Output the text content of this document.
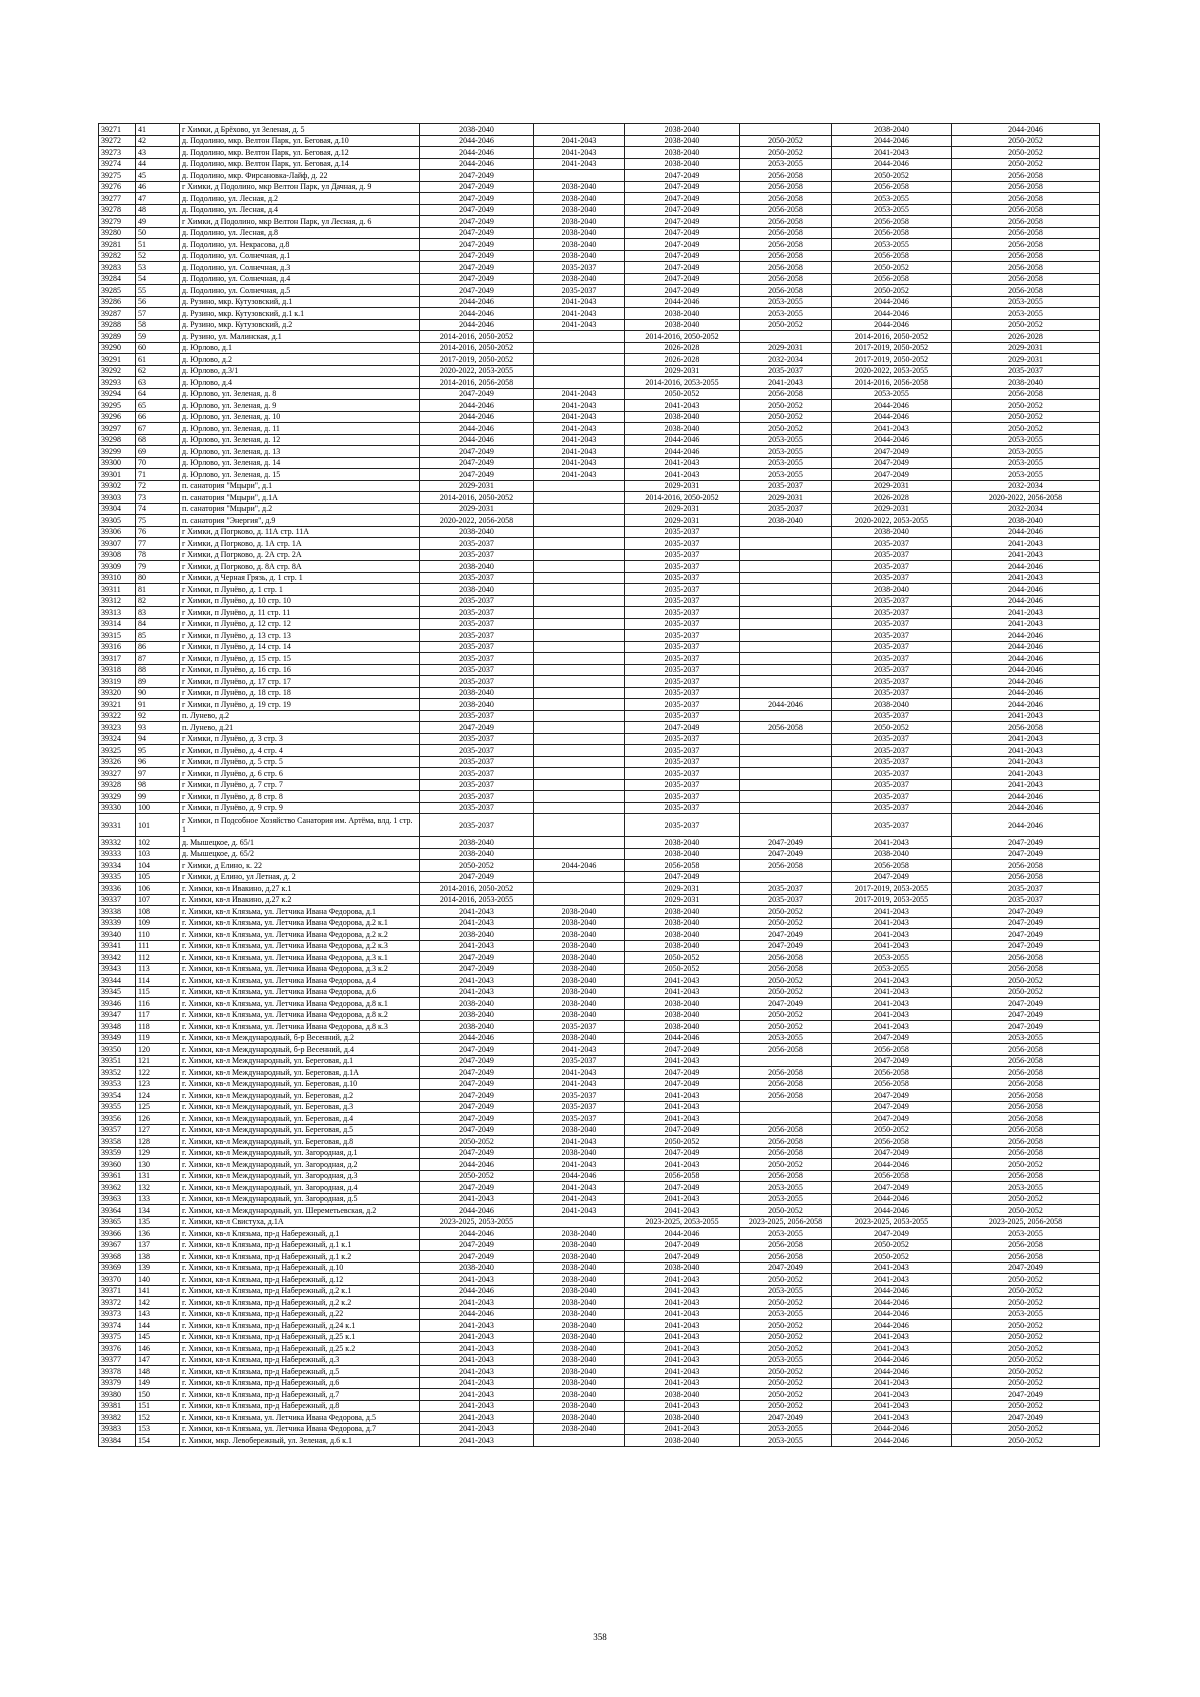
39271	41	г Химки, д Брёхово, ул Зеленая, д. 5	2038-2040		2038-2040		2038-2040	2044-2046
39272	42	д. Подолино, мкр. Велтон Парк, ул. Беговая, д.10	2044-2046	2041-2043	2038-2040	2050-2052	2044-2046	2050-2052
39273	43	д. Подолино, мкр. Велтон Парк, ул. Беговая, д.12	2044-2046	2041-2043	2038-2040	2050-2052	2041-2043	2050-2052
39274	44	д. Подолино, мкр. Велтон Парк, ул. Беговая, д.14	2044-2046	2041-2043	2038-2040	2053-2055	2044-2046	2050-2052
39275	45	д. Подолино, мкр. Фирсановка-Лайф, д. 22	2047-2049		2047-2049	2056-2058	2050-2052	2056-2058
39276	46	г Химки, д Подолино, мкр Велтон Парк, ул Дачная, д. 9	2047-2049	2038-2040	2047-2049	2056-2058	2056-2058	2056-2058
39277	47	д. Подолино, ул. Лесная, д.2	2047-2049	2038-2040	2047-2049	2056-2058	2053-2055	2056-2058
39278	48	д. Подолино, ул. Лесная, д.4	2047-2049	2038-2040	2047-2049	2056-2058	2053-2055	2056-2058
39279	49	г Химки, д Подолино, мкр Велтон Парк, ул Лесная, д. 6	2047-2049	2038-2040	2047-2049	2056-2058	2056-2058	2056-2058
39280	50	д. Подолино, ул. Лесная, д.8	2047-2049	2038-2040	2047-2049	2056-2058	2056-2058	2056-2058
39281	51	д. Подолино, ул. Некрасова, д.8	2047-2049	2038-2040	2047-2049	2056-2058	2053-2055	2056-2058
39282	52	д. Подолино, ул. Солнечная, д.1	2047-2049	2038-2040	2047-2049	2056-2058	2056-2058	2056-2058
39283	53	д. Подолино, ул. Солнечная, д.3	2047-2049	2035-2037	2047-2049	2056-2058	2050-2052	2056-2058
39284	54	д. Подолино, ул. Солнечная, д.4	2047-2049	2038-2040	2047-2049	2056-2058	2056-2058	2056-2058
39285	55	д. Подолино, ул. Солнечная, д.5	2047-2049	2035-2037	2047-2049	2056-2058	2050-2052	2056-2058
39286	56	д. Рузино, мкр. Кутузовский, д.1	2044-2046	2041-2043	2044-2046	2053-2055	2044-2046	2053-2055
39287	57	д. Рузино, мкр. Кутузовский, д.1 к.1	2044-2046	2041-2043	2038-2040	2053-2055	2044-2046	2053-2055
39288	58	д. Рузино, мкр. Кутузовский, д.2	2044-2046	2041-2043	2038-2040	2050-2052	2044-2046	2050-2052
39289	59	д. Рузино, ул. Малинская, д.1	2014-2016, 2050-2052		2014-2016, 2050-2052		2014-2016, 2050-2052	2026-2028
39290	60	д. Юрлово, д.1	2014-2016, 2050-2052		2026-2028	2029-2031	2017-2019, 2050-2052	2029-2031
39291	61	д. Юрлово, д.2	2017-2019, 2050-2052		2026-2028	2032-2034	2017-2019, 2050-2052	2029-2031
39292	62	д. Юрлово, д.3/1	2020-2022, 2053-2055		2029-2031	2035-2037	2020-2022, 2053-2055	2035-2037
39293	63	д. Юрлово, д.4	2014-2016, 2056-2058		2014-2016, 2053-2055	2041-2043	2014-2016, 2056-2058	2038-2040
39294	64	д. Юрлово, ул. Зеленая, д. 8	2047-2049	2041-2043	2050-2052	2056-2058	2053-2055	2056-2058
39295	65	д. Юрлово, ул. Зеленая, д. 9	2044-2046	2041-2043	2041-2043	2050-2052	2044-2046	2050-2052
39296	66	д. Юрлово, ул. Зеленая, д. 10	2044-2046	2041-2043	2038-2040	2050-2052	2044-2046	2050-2052
39297	67	д. Юрлово, ул. Зеленая, д. 11	2044-2046	2041-2043	2038-2040	2050-2052	2041-2043	2050-2052
39298	68	д. Юрлово, ул. Зеленая, д. 12	2044-2046	2041-2043	2044-2046	2053-2055	2044-2046	2053-2055
39299	69	д. Юрлово, ул. Зеленая, д. 13	2047-2049	2041-2043	2044-2046	2053-2055	2047-2049	2053-2055
39300	70	д. Юрлово, ул. Зеленая, д. 14	2047-2049	2041-2043	2041-2043	2053-2055	2047-2049	2053-2055
39301	71	д. Юрлово, ул. Зеленая, д. 15	2047-2049	2041-2043	2041-2043	2053-2055	2047-2049	2053-2055
39302	72	п. санатория "Мцыри", д.1	2029-2031		2029-2031	2035-2037	2029-2031	2032-2034
39303	73	п. санатория "Мцыри", д.1А	2014-2016, 2050-2052		2014-2016, 2050-2052	2029-2031	2026-2028	2020-2022, 2056-2058
39304	74	п. санатория "Мцыри", д.2	2029-2031		2029-2031	2035-2037	2029-2031	2032-2034
39305	75	п. санатория "Энергия", д.9	2020-2022, 2056-2058		2029-2031	2038-2040	2020-2022, 2053-2055	2038-2040
39306	76	г Химки, д Погрково, д. 11А стр. 11А	2038-2040		2035-2037		2038-2040	2044-2046
39307	77	г Химки, д Погрково, д. 1А стр. 1А	2035-2037		2035-2037		2035-2037	2041-2043
39308	78	г Химки, д Погрково, д. 2А стр. 2А	2035-2037		2035-2037		2035-2037	2041-2043
39309	79	г Химки, д Погрково, д. 8А стр. 8А	2038-2040		2035-2037		2035-2037	2044-2046
39310	80	г Химки, д Черная Грязь, д. 1 стр. 1	2035-2037		2035-2037		2035-2037	2041-2043
39311	81	г Химки, п Лунёво, д. 1 стр. 1	2038-2040		2035-2037		2038-2040	2044-2046
39312	82	г Химки, п Лунёво, д. 10 стр. 10	2035-2037		2035-2037		2035-2037	2044-2046
39313	83	г Химки, п Лунёво, д. 11 стр. 11	2035-2037		2035-2037		2035-2037	2041-2043
39314	84	г Химки, п Лунёво, д. 12 стр. 12	2035-2037		2035-2037		2035-2037	2041-2043
39315	85	г Химки, п Лунёво, д. 13 стр. 13	2035-2037		2035-2037		2035-2037	2044-2046
39316	86	г Химки, п Лунёво, д. 14 стр. 14	2035-2037		2035-2037		2035-2037	2044-2046
39317	87	г Химки, п Лунёво, д. 15 стр. 15	2035-2037		2035-2037		2035-2037	2044-2046
39318	88	г Химки, п Лунёво, д. 16 стр. 16	2035-2037		2035-2037		2035-2037	2044-2046
39319	89	г Химки, п Лунёво, д. 17 стр. 17	2035-2037		2035-2037		2035-2037	2044-2046
39320	90	г Химки, п Лунёво, д. 18 стр. 18	2038-2040		2035-2037		2035-2037	2044-2046
39321	91	г Химки, п Лунёво, д. 19 стр. 19	2038-2040		2035-2037	2044-2046	2038-2040	2044-2046
39322	92	п. Лунево, д.2	2035-2037		2035-2037		2035-2037	2041-2043
39323	93	п. Лунево, д.21	2047-2049		2047-2049	2056-2058	2050-2052	2056-2058
39324	94	г Химки, п Лунёво, д. 3 стр. 3	2035-2037		2035-2037		2035-2037	2041-2043
39325	95	г Химки, п Лунёво, д. 4 стр. 4	2035-2037		2035-2037		2035-2037	2041-2043
39326	96	г Химки, п Лунёво, д. 5 стр. 5	2035-2037		2035-2037		2035-2037	2041-2043
39327	97	г Химки, п Лунёво, д. 6 стр. 6	2035-2037		2035-2037		2035-2037	2041-2043
39328	98	г Химки, п Лунёво, д. 7 стр. 7	2035-2037		2035-2037		2035-2037	2041-2043
39329	99	г Химки, п Лунёво, д. 8 стр. 8	2035-2037		2035-2037		2035-2037	2044-2046
39330	100	г Химки, п Лунёво, д. 9 стр. 9	2035-2037		2035-2037		2035-2037	2044-2046
39331	101	г Химки, п Подсобное Хозяйство Санатория им. Артёма, влд. 1 стр. 1	2035-2037		2035-2037		2035-2037	2044-2046
39332	102	д. Мышецкое, д. 65/1	2038-2040		2038-2040	2047-2049	2041-2043	2047-2049
39333	103	д. Мышецкое, д. 65/2	2038-2040		2038-2040	2047-2049	2038-2040	2047-2049
39334	104	г Химки, д Елино, к. 22	2050-2052	2044-2046	2056-2058	2056-2058	2056-2058	2056-2058
39335	105	г Химки, д Елино, ул Летная, д. 2	2047-2049		2047-2049		2047-2049	2056-2058
39336	106	г. Химки, кв-л Ивакино, д.27 к.1	2014-2016, 2050-2052		2029-2031	2035-2037	2017-2019, 2053-2055	2035-2037
39337	107	г. Химки, кв-л Ивакино, д.27 к.2	2014-2016, 2053-2055		2029-2031	2035-2037	2017-2019, 2053-2055	2035-2037
39338	108	г. Химки, кв-л Клязьма, ул. Летчика Ивана Федорова, д.1	2041-2043	2038-2040	2038-2040	2050-2052	2041-2043	2047-2049
39339	109	г. Химки, кв-л Клязьма, ул. Летчика Ивана Федорова, д.2 к.1	2041-2043	2038-2040	2038-2040	2050-2052	2041-2043	2047-2049
39340	110	г. Химки, кв-л Клязьма, ул. Летчика Ивана Федорова, д.2 к.2	2038-2040	2038-2040	2038-2040	2047-2049	2041-2043	2047-2049
39341	111	г. Химки, кв-л Клязьма, ул. Летчика Ивана Федорова, д.2 к.3	2041-2043	2038-2040	2038-2040	2047-2049	2041-2043	2047-2049
39342	112	г. Химки, кв-л Клязьма, ул. Летчика Ивана Федорова, д.3 к.1	2047-2049	2038-2040	2050-2052	2056-2058	2053-2055	2056-2058
39343	113	г. Химки, кв-л Клязьма, ул. Летчика Ивана Федорова, д.3 к.2	2047-2049	2038-2040	2050-2052	2056-2058	2053-2055	2056-2058
39344	114	г. Химки, кв-л Клязьма, ул. Летчика Ивана Федорова, д.4	2041-2043	2038-2040	2041-2043	2050-2052	2041-2043	2050-2052
39345	115	г. Химки, кв-л Клязьма, ул. Летчика Ивана Федорова, д.6	2041-2043	2038-2040	2041-2043	2050-2052	2041-2043	2050-2052
39346	116	г. Химки, кв-л Клязьма, ул. Летчика Ивана Федорова, д.8 к.1	2038-2040	2038-2040	2038-2040	2047-2049	2041-2043	2047-2049
39347	117	г. Химки, кв-л Клязьма, ул. Летчика Ивана Федорова, д.8 к.2	2038-2040	2038-2040	2038-2040	2050-2052	2041-2043	2047-2049
39348	118	г. Химки, кв-л Клязьма, ул. Летчика Ивана Федорова, д.8 к.3	2038-2040	2035-2037	2038-2040	2050-2052	2041-2043	2047-2049
39349	119	г. Химки, кв-л Международный, б-р Весенний, д.2	2044-2046	2038-2040	2044-2046	2053-2055	2047-2049	2053-2055
39350	120	г. Химки, кв-л Международный, б-р Весенний, д.4	2047-2049	2041-2043	2047-2049	2056-2058	2056-2058	2056-2058
39351	121	г. Химки, кв-л Международный, ул. Береговая, д.1	2047-2049	2035-2037	2041-2043		2047-2049	2056-2058
39352	122	г. Химки, кв-л Международный, ул. Береговая, д.1А	2047-2049	2041-2043	2047-2049	2056-2058	2056-2058	2056-2058
39353	123	г. Химки, кв-л Международный, ул. Береговая, д.10	2047-2049	2041-2043	2047-2049	2056-2058	2056-2058	2056-2058
39354	124	г. Химки, кв-л Международный, ул. Береговая, д.2	2047-2049	2035-2037	2041-2043	2056-2058	2047-2049	2056-2058
39355	125	г. Химки, кв-л Международный, ул. Береговая, д.3	2047-2049	2035-2037	2041-2043		2047-2049	2056-2058
39356	126	г. Химки, кв-л Международный, ул. Береговая, д.4	2047-2049	2035-2037	2041-2043		2047-2049	2056-2058
39357	127	г. Химки, кв-л Международный, ул. Береговая, д.5	2047-2049	2038-2040	2047-2049	2056-2058	2050-2052	2056-2058
39358	128	г. Химки, кв-л Международный, ул. Береговая, д.8	2050-2052	2041-2043	2050-2052	2056-2058	2056-2058	2056-2058
39359	129	г. Химки, кв-л Международный, ул. Загородная, д.1	2047-2049	2038-2040	2047-2049	2056-2058	2047-2049	2056-2058
39360	130	г. Химки, кв-л Международный, ул. Загородная, д.2	2044-2046	2041-2043	2041-2043	2050-2052	2044-2046	2050-2052
39361	131	г. Химки, кв-л Международный, ул. Загородная, д.3	2050-2052	2044-2046	2056-2058	2056-2058	2056-2058	2056-2058
39362	132	г. Химки, кв-л Международный, ул. Загородная, д.4	2047-2049	2041-2043	2047-2049	2053-2055	2047-2049	2053-2055
39363	133	г. Химки, кв-л Международный, ул. Загородная, д.5	2041-2043	2041-2043	2041-2043	2053-2055	2044-2046	2050-2052
39364	134	г. Химки, кв-л Международный, ул. Шереметьевская, д.2	2044-2046	2041-2043	2041-2043	2050-2052	2044-2046	2050-2052
39365	135	г. Химки, кв-л Свистуха, д.1А	2023-2025, 2053-2055		2023-2025, 2053-2055	2023-2025, 2056-2058	2023-2025, 2053-2055	2023-2025, 2056-2058
39366	136	г. Химки, кв-л Клязьма, пр-д Набережный, д.1	2044-2046	2038-2040	2044-2046	2053-2055	2047-2049	2053-2055
39367	137	г. Химки, кв-л Клязьма, пр-д Набережный, д.1 к.1	2047-2049	2038-2040	2047-2049	2056-2058	2050-2052	2056-2058
39368	138	г. Химки, кв-л Клязьма, пр-д Набережный, д.1 к.2	2047-2049	2038-2040	2047-2049	2056-2058	2050-2052	2056-2058
39369	139	г. Химки, кв-л Клязьма, пр-д Набережный, д.10	2038-2040	2038-2040	2038-2040	2047-2049	2041-2043	2047-2049
39370	140	г. Химки, кв-л Клязьма, пр-д Набережный, д.12	2041-2043	2038-2040	2041-2043	2050-2052	2041-2043	2050-2052
39371	141	г. Химки, кв-л Клязьма, пр-д Набережный, д.2 к.1	2044-2046	2038-2040	2041-2043	2053-2055	2044-2046	2050-2052
39372	142	г. Химки, кв-л Клязьма, пр-д Набережный, д.2 к.2	2041-2043	2038-2040	2041-2043	2050-2052	2044-2046	2050-2052
39373	143	г. Химки, кв-л Клязьма, пр-д Набережный, д.22	2044-2046	2038-2040	2041-2043	2053-2055	2044-2046	2053-2055
39374	144	г. Химки, кв-л Клязьма, пр-д Набережный, д.24 к.1	2041-2043	2038-2040	2041-2043	2050-2052	2044-2046	2050-2052
39375	145	г. Химки, кв-л Клязьма, пр-д Набережный, д.25 к.1	2041-2043	2038-2040	2041-2043	2050-2052	2041-2043	2050-2052
39376	146	г. Химки, кв-л Клязьма, пр-д Набережный, д.25 к.2	2041-2043	2038-2040	2041-2043	2050-2052	2041-2043	2050-2052
39377	147	г. Химки, кв-л Клязьма, пр-д Набережный, д.3	2041-2043	2038-2040	2041-2043	2053-2055	2044-2046	2050-2052
39378	148	г. Химки, кв-л Клязьма, пр-д Набережный, д.5	2041-2043	2038-2040	2041-2043	2050-2052	2044-2046	2050-2052
39379	149	г. Химки, кв-л Клязьма, пр-д Набережный, д.6	2041-2043	2038-2040	2041-2043	2050-2052	2041-2043	2050-2052
39380	150	г. Химки, кв-л Клязьма, пр-д Набережный, д.7	2041-2043	2038-2040	2038-2040	2050-2052	2041-2043	2047-2049
39381	151	г. Химки, кв-л Клязьма, пр-д Набережный, д.8	2041-2043	2038-2040	2041-2043	2050-2052	2041-2043	2050-2052
39382	152	г. Химки, кв-л Клязьма, ул. Летчика Ивана Федорова, д.5	2041-2043	2038-2040	2038-2040	2047-2049	2041-2043	2047-2049
39383	153	г. Химки, кв-л Клязьма, ул. Летчика Ивана Федорова, д.7	2041-2043	2038-2040	2041-2043	2053-2055	2044-2046	2050-2052
39384	154	г. Химки, мкр. Левобережный, ул. Зеленая, д.6 к.1	2041-2043		2038-2040	2053-2055	2044-2046	2050-2052
358
